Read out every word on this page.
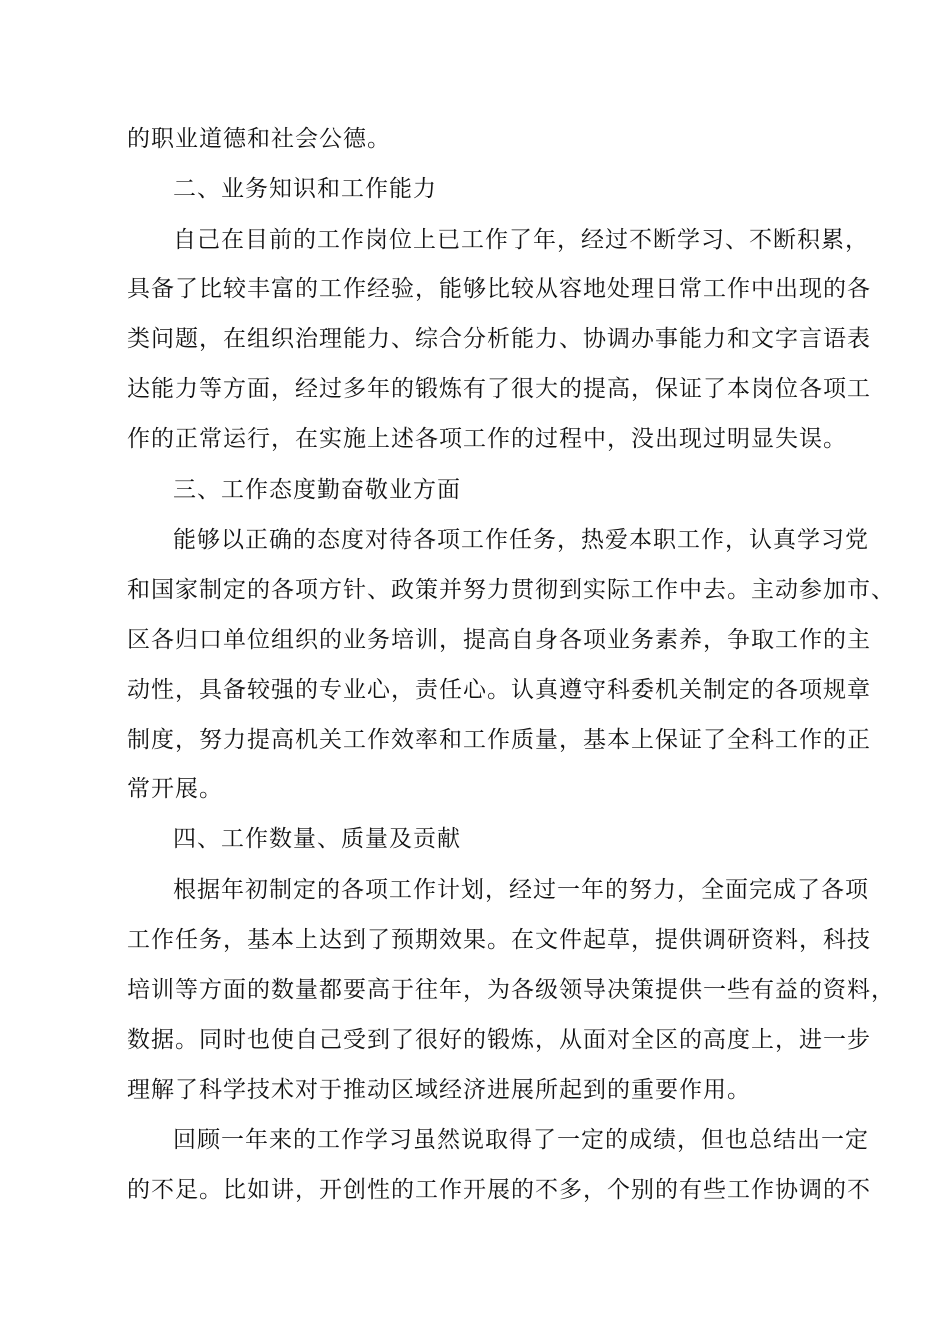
的职业道德和社会公德。

二、业务知识和工作能力

自己在目前的工作岗位上已工作了年，经过不断学习、不断积累，

具备了比较丰富的工作经验，能够比较从容地处理日常工作中出现的各

类问题，在组织治理能力、综合分析能力、协调办事能力和文字言语表

达能力等方面，经过多年的锻炼有了很大的提高，保证了本岗位各项工

作的正常运行，在实施上述各项工作的过程中，没出现过明显失误。

三、工作态度勤奋敬业方面

能够以正确的态度对待各项工作任务，热爱本职工作，认真学习党

和国家制定的各项方针、政策并努力贯彻到实际工作中去。主动参加市、

区各归口单位组织的业务培训，提高自身各项业务素养，争取工作的主

动性，具备较强的专业心，责任心。认真遵守科委机关制定的各项规章

制度，努力提高机关工作效率和工作质量，基本上保证了全科工作的正

常开展。

四、工作数量、质量及贡献

根据年初制定的各项工作计划，经过一年的努力，全面完成了各项

工作任务，基本上达到了预期效果。在文件起草，提供调研资料，科技

培训等方面的数量都要高于往年，为各级领导决策提供一些有益的资料，

数据。同时也使自己受到了很好的锻炼，从面对全区的高度上，进一步

理解了科学技术对于推动区域经济进展所起到的重要作用。

回顾一年来的工作学习虽然说取得了一定的成绩，但也总结出一定

的不足。比如讲，开创性的工作开展的不多，个别的有些工作协调的不
